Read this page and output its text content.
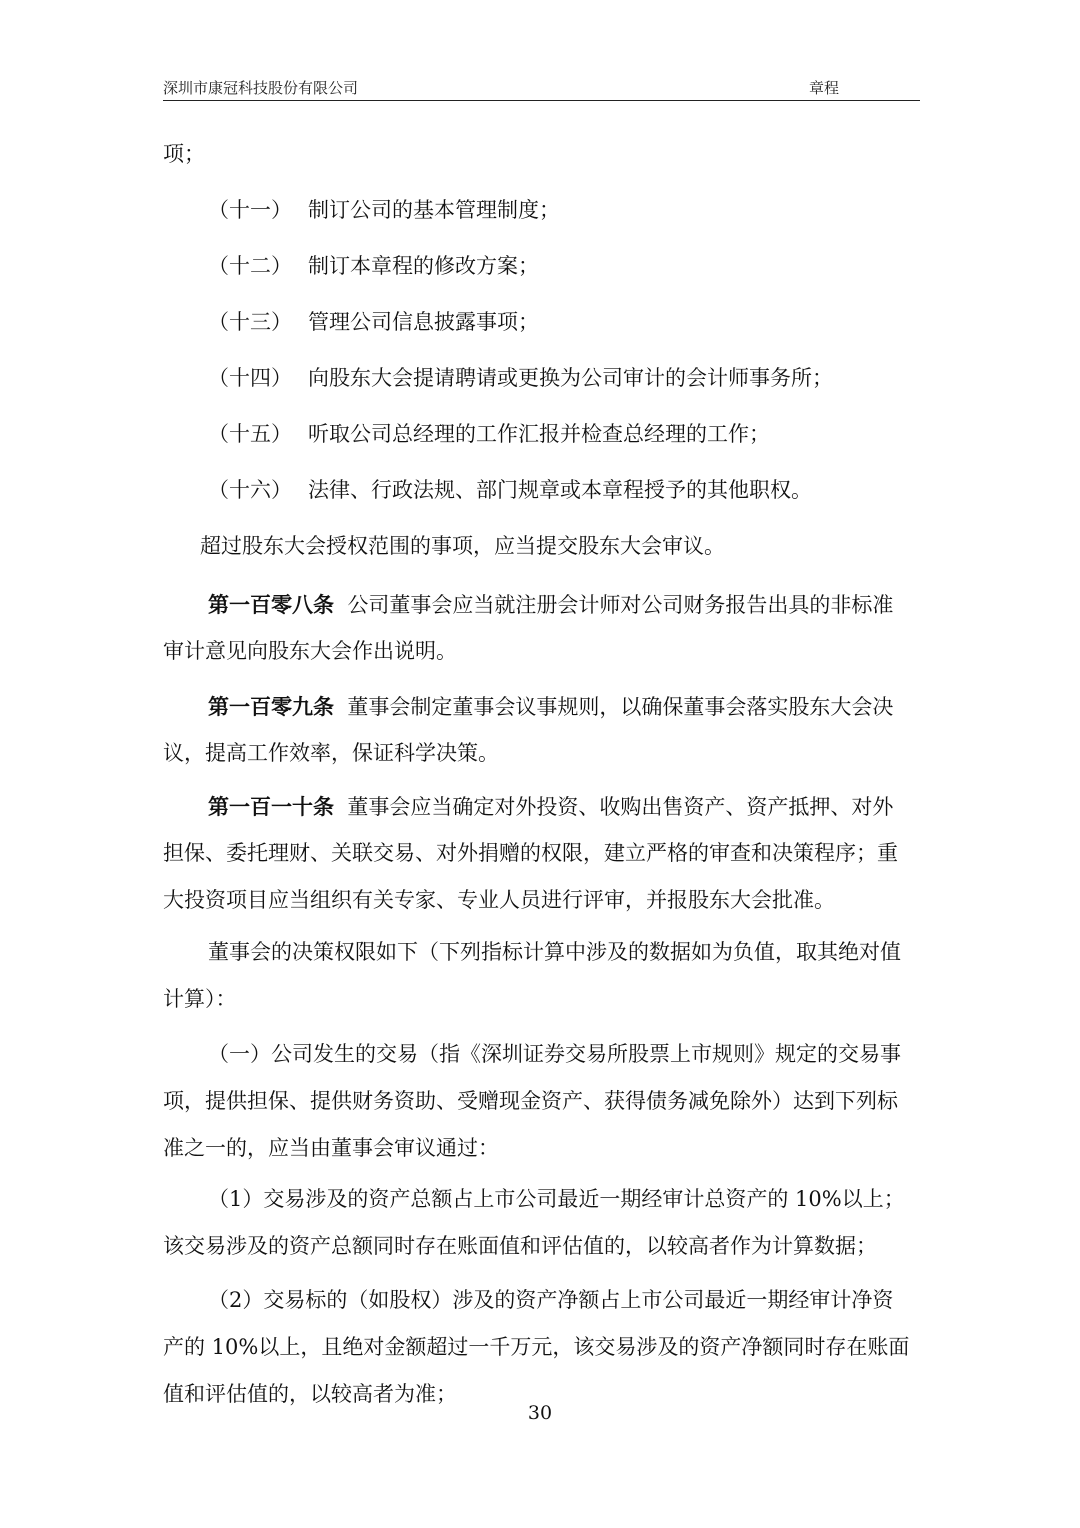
深圳市康冠科技股份有限公司	章程
项；
（十一） 制订公司的基本管理制度；
（十二） 制订本章程的修改方案；
（十三） 管理公司信息披露事项；
（十四） 向股东大会提请聘请或更换为公司审计的会计师事务所；
（十五） 听取公司总经理的工作汇报并检查总经理的工作；
（十六） 法律、行政法规、部门规章或本章程授予的其他职权。
超过股东大会授权范围的事项，应当提交股东大会审议。
第一百零八条 公司董事会应当就注册会计师对公司财务报告出具的非标准
审计意见向股东大会作出说明。
第一百零九条 董事会制定董事会议事规则，以确保董事会落实股东大会决
议，提高工作效率，保证科学决策。
第一百一十条 董事会应当确定对外投资、收购出售资产、资产抵押、对外
担保、委托理财、关联交易、对外捐赠的权限，建立严格的审查和决策程序；重
大投资项目应当组织有关专家、专业人员进行评审，并报股东大会批准。
董事会的决策权限如下（下列指标计算中涉及的数据如为负值，取其绝对值
计算）：
（一）公司发生的交易（指《深圳证券交易所股票上市规则》规定的交易事
项，提供担保、提供财务资助、受赠现金资产、获得债务减免除外）达到下列标
准之一的，应当由董事会审议通过：
（1）交易涉及的资产总额占上市公司最近一期经审计总资产的 10%以上；
该交易涉及的资产总额同时存在账面值和评估值的，以较高者作为计算数据；
（2）交易标的（如股权）涉及的资产净额占上市公司最近一期经审计净资
产的 10%以上，且绝对金额超过一千万元，该交易涉及的资产净额同时存在账面
值和评估值的，以较高者为准；
30
